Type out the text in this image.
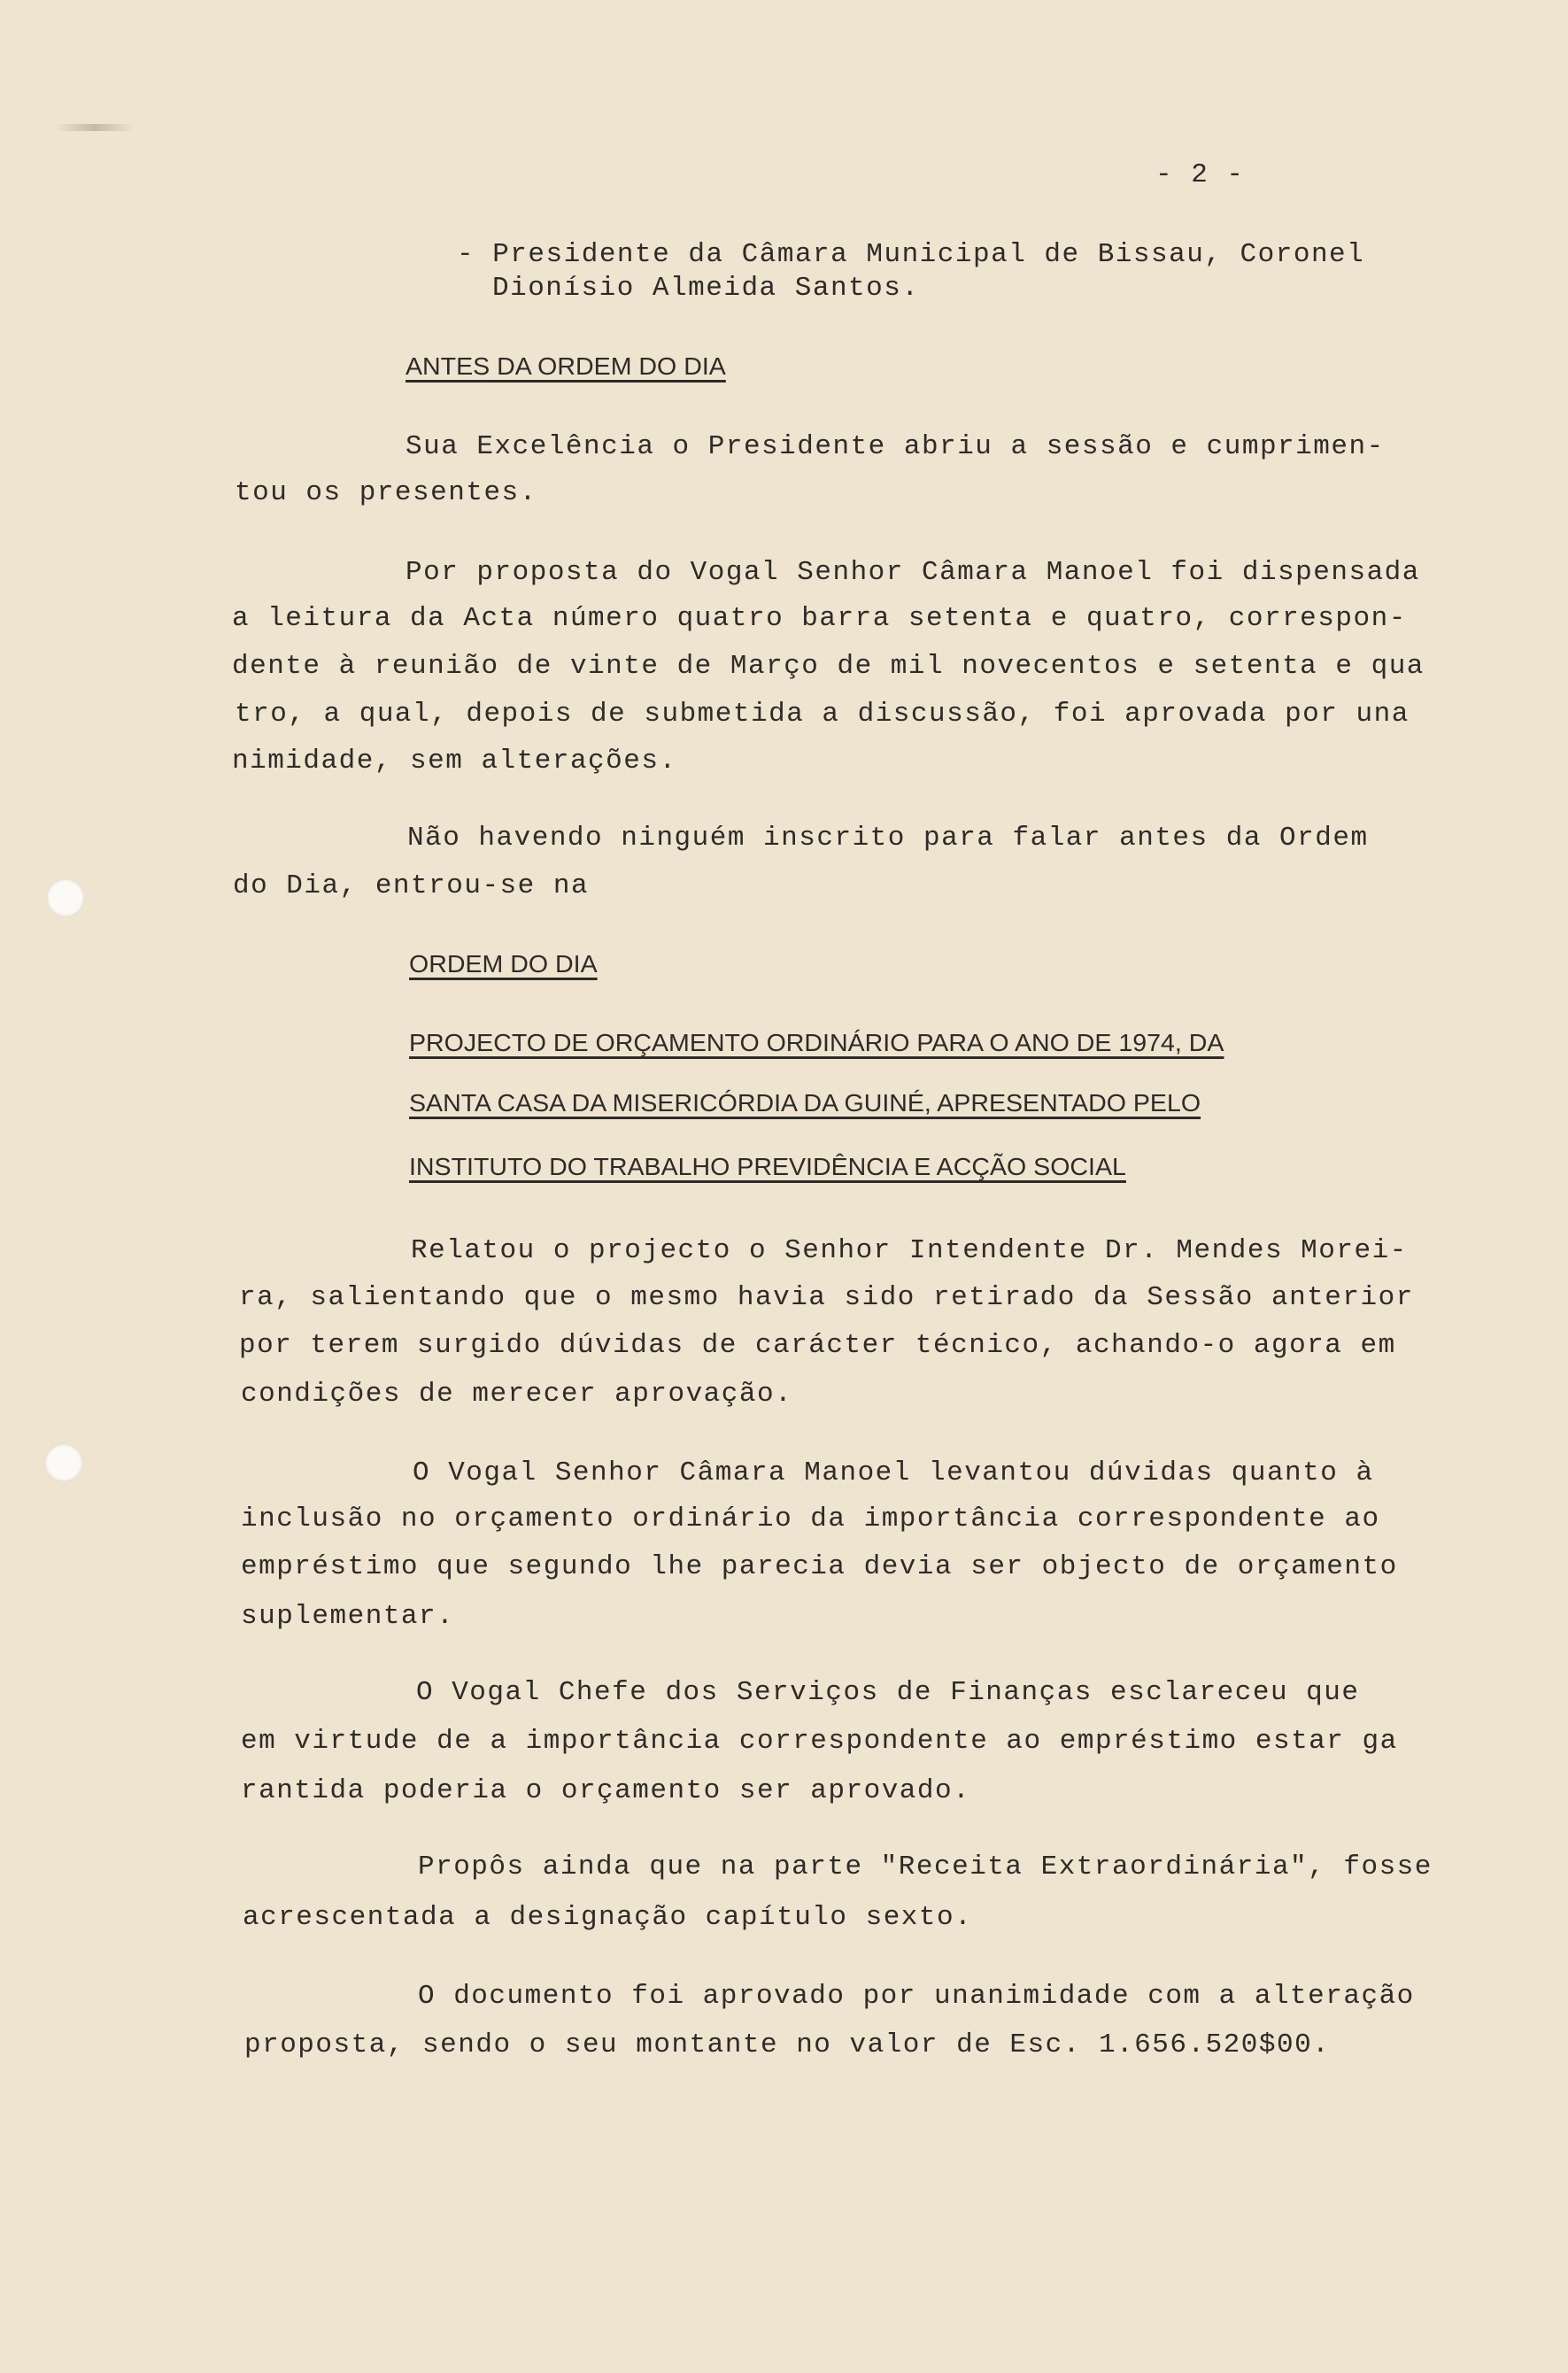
- 2 -
- Presidente da Câmara Municipal de Bissau, Coronel
Dionísio Almeida Santos.
ANTES DA ORDEM DO DIA
Sua Excelência o Presidente abriu a sessão e cumprimen-
tou os presentes.
Por proposta do Vogal Senhor Câmara Manoel foi dispensada
a leitura da Acta número quatro barra setenta e quatro, correspon-
dente à reunião de vinte de Março de mil novecentos e setenta e qua
tro, a qual, depois de submetida a discussão, foi aprovada por una
nimidade, sem alterações.
Não havendo ninguém inscrito para falar antes da Ordem
do Dia, entrou-se na
ORDEM DO DIA
PROJECTO DE ORÇAMENTO ORDINÁRIO PARA O ANO DE 1974, DA
SANTA CASA DA MISERICÓRDIA DA GUINÉ, APRESENTADO PELO
INSTITUTO DO TRABALHO PREVIDÊNCIA E ACÇÃO SOCIAL
Relatou o projecto o Senhor Intendente Dr. Mendes Morei-
ra, salientando que o mesmo havia sido retirado da Sessão anterior
por terem surgido dúvidas de carácter técnico, achando-o agora em
condições de merecer aprovação.
O Vogal Senhor Câmara Manoel levantou dúvidas quanto à
inclusão no orçamento ordinário da importância correspondente ao
empréstimo que segundo lhe parecia devia ser objecto de orçamento
suplementar.
O Vogal Chefe dos Serviços de Finanças esclareceu que
em virtude de a importância correspondente ao empréstimo estar ga
rantida poderia o orçamento ser aprovado.
Propôs ainda que na parte "Receita Extraordinária", fosse
acrescentada a designação capítulo sexto.
O documento foi aprovado por unanimidade com a alteração
proposta, sendo o seu montante no valor de Esc. 1.656.520$00.
